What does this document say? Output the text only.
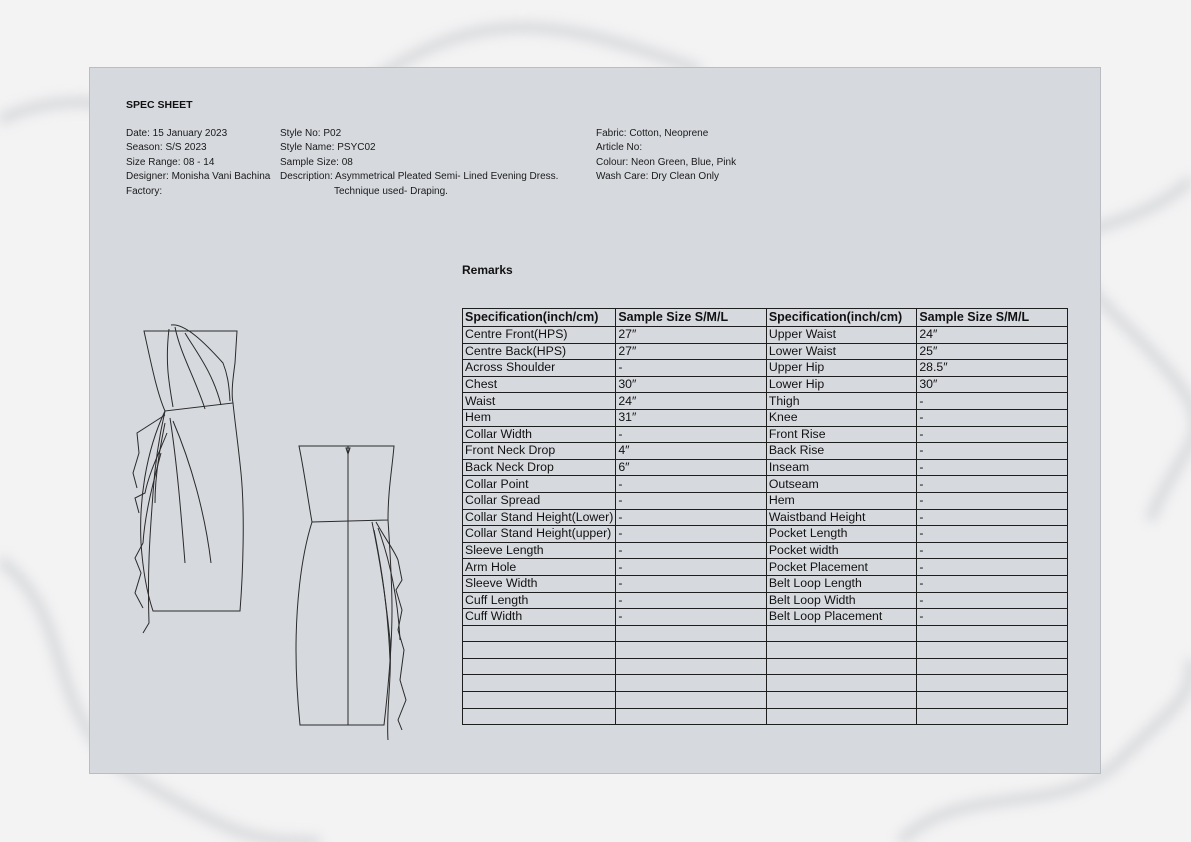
SPEC SHEET
Date: 15 January 2023
Season: S/S 2023
Size Range: 08 - 14
Designer: Monisha Vani Bachina
Factory:
Style No: P02
Style Name: PSYC02
Sample Size: 08
Description: Asymmetrical Pleated Semi- Lined Evening Dress.
Technique used- Draping.
Fabric: Cotton, Neoprene
Article No:
Colour: Neon Green, Blue, Pink
Wash Care: Dry Clean Only
Remarks
Specification(inch/cm)	Sample Size S/M/L	Specification(inch/cm)	Sample Size S/M/L
Centre Front(HPS)	27″	Upper Waist	24″
Centre Back(HPS)	27″	Lower Waist	25″
Across Shoulder	-	Upper Hip	28.5″
Chest	30″	Lower Hip	30″
Waist	24″	Thigh	-
Hem	31″	Knee	-
Collar Width	-	Front Rise	-
Front Neck Drop	4″	Back Rise	-
Back Neck Drop	6″	Inseam	-
Collar Point	-	Outseam	-
Collar Spread	-	Hem	-
Collar Stand Height(Lower)	-	Waistband Height	-
Collar Stand Height(upper)	-	Pocket Length	-
Sleeve Length	-	Pocket width	-
Arm Hole	-	Pocket Placement	-
Sleeve Width	-	Belt Loop Length	-
Cuff Length	-	Belt Loop Width	-
Cuff Width	-	Belt Loop Placement	-
